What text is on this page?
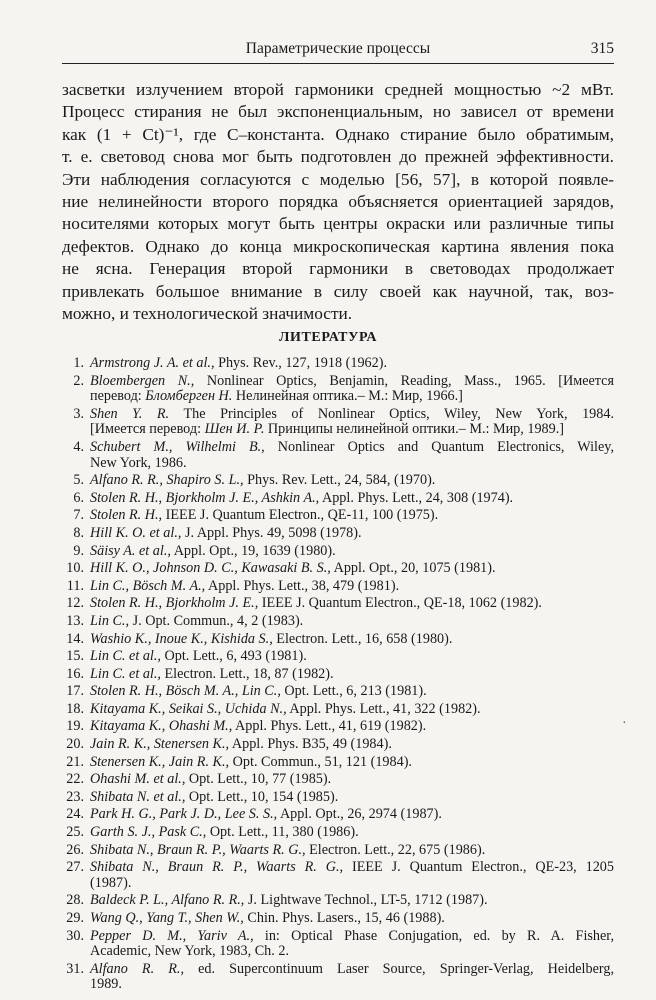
Параметрические процессы	315
засветки излучением второй гармоники средней мощностью ~2 мВт.
Процесс стирания не был экспоненциальным, но зависел от времени
как (1 + Ct)⁻¹, где C–константа. Однако стирание было обратимым,
т. е. световод снова мог быть подготовлен до прежней эффективности.
Эти наблюдения согласуются с моделью [56, 57], в которой появле-
ние нелинейности второго порядка объясняется ориентацией зарядов,
носителями которых могут быть центры окраски или различные типы
дефектов. Однако до конца микроскопическая картина явления пока
не ясна. Генерация второй гармоники в световодах продолжает
привлекать большое внимание в силу своей как научной, так, воз-
можно, и технологической значимости.
ЛИТЕРАТУРА
1. Armstrong J. A. et al., Phys. Rev., 127, 1918 (1962).
2. Bloembergen N., Nonlinear Optics, Benjamin, Reading, Mass., 1965. [Имеется
перевод: Бломберген Н. Нелинейная оптика.– М.: Мир, 1966.]
3. Shen Y. R. The Principles of Nonlinear Optics, Wiley, New York, 1984.
[Имеется перевод: Шен И. Р. Принципы нелинейной оптики.– М.: Мир, 1989.]
4. Schubert M., Wilhelmi B., Nonlinear Optics and Quantum Electronics, Wiley,
New York, 1986.
5. Alfano R. R., Shapiro S. L., Phys. Rev. Lett., 24, 584, (1970).
6. Stolen R. H., Bjorkholm J. E., Ashkin A., Appl. Phys. Lett., 24, 308 (1974).
7. Stolen R. H., IEEE J. Quantum Electron., QE-11, 100 (1975).
8. Hill K. O. et al., J. Appl. Phys. 49, 5098 (1978).
9. Säisy A. et al., Appl. Opt., 19, 1639 (1980).
10. Hill K. O., Johnson D. C., Kawasaki B. S., Appl. Opt., 20, 1075 (1981).
11. Lin C., Bösch M. A., Appl. Phys. Lett., 38, 479 (1981).
12. Stolen R. H., Bjorkholm J. E., IEEE J. Quantum Electron., QE-18, 1062 (1982).
13. Lin C., J. Opt. Commun., 4, 2 (1983).
14. Washio K., Inoue K., Kishida S., Electron. Lett., 16, 658 (1980).
15. Lin C. et al., Opt. Lett., 6, 493 (1981).
16. Lin C. et al., Electron. Lett., 18, 87 (1982).
17. Stolen R. H., Bösch M. A., Lin C., Opt. Lett., 6, 213 (1981).
18. Kitayama K., Seikai S., Uchida N., Appl. Phys. Lett., 41, 322 (1982).
19. Kitayama K., Ohashi M., Appl. Phys. Lett., 41, 619 (1982).
20. Jain R. K., Stenersen K., Appl. Phys. B35, 49 (1984).
21. Stenersen K., Jain R. K., Opt. Commun., 51, 121 (1984).
22. Ohashi M. et al., Opt. Lett., 10, 77 (1985).
23. Shibata N. et al., Opt. Lett., 10, 154 (1985).
24. Park H. G., Park J. D., Lee S. S., Appl. Opt., 26, 2974 (1987).
25. Garth S. J., Pask C., Opt. Lett., 11, 380 (1986).
26. Shibata N., Braun R. P., Waarts R. G., Electron. Lett., 22, 675 (1986).
27. Shibata N., Braun R. P., Waarts R. G., IEEE J. Quantum Electron., QE-23, 1205
(1987).
28. Baldeck P. L., Alfano R. R., J. Lightwave Technol., LT-5, 1712 (1987).
29. Wang Q., Yang T., Shen W., Chin. Phys. Lasers., 15, 46 (1988).
30. Pepper D. M., Yariv A., in: Optical Phase Conjugation, ed. by R. A. Fisher,
Academic, New York, 1983, Ch. 2.
31. Alfano R. R., ed. Supercontinuum Laser Source, Springer-Verlag, Heidelberg,
1989.
·
